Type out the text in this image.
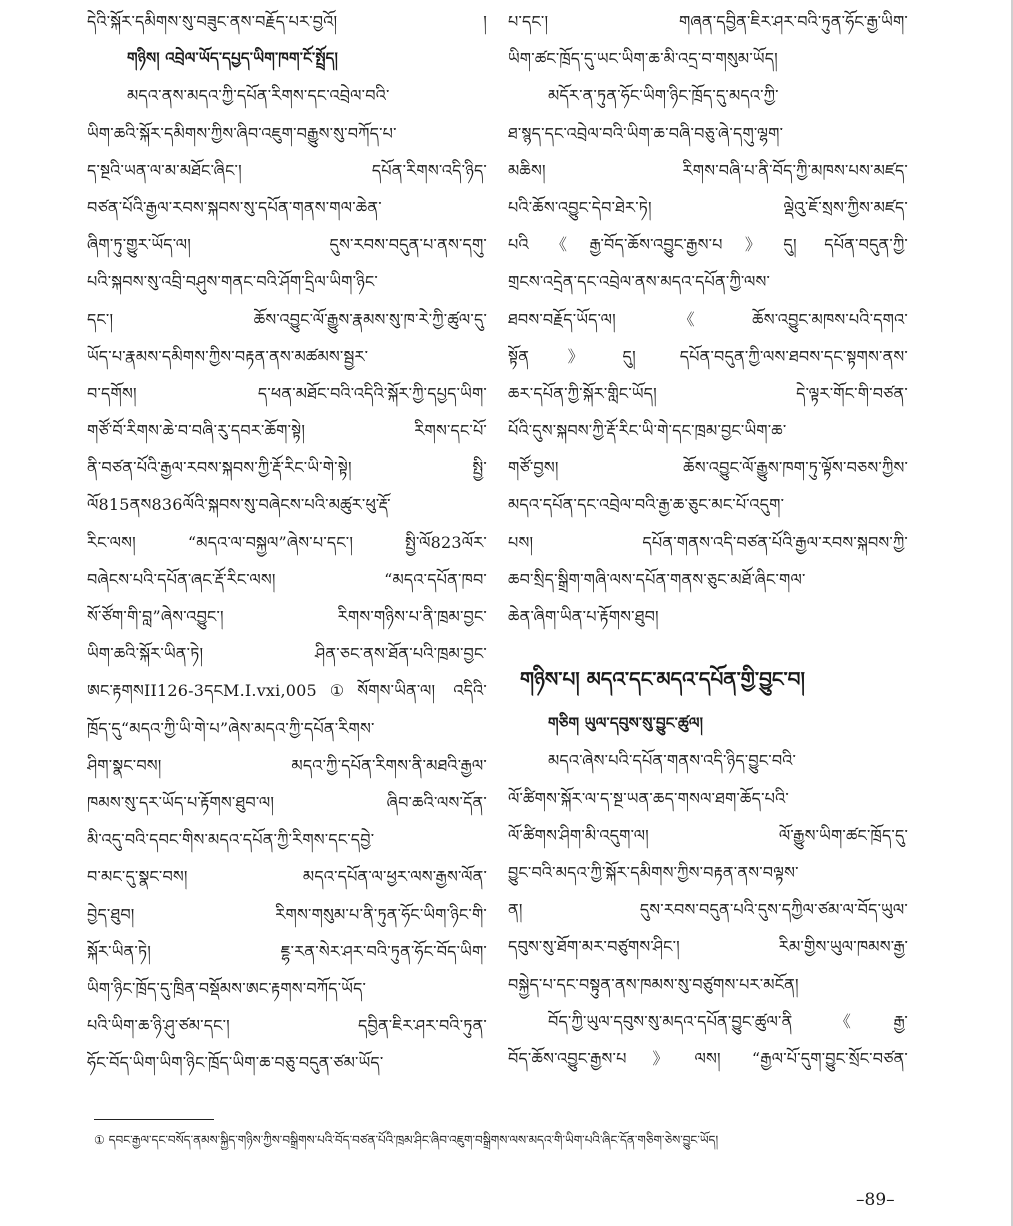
དེའི་སྐོར་དམིགས་སུ་བཟུང་ནས་བརྗོད་པར་བྱའོ། །
གཉིས། འབྲེལ་ཡོད་དཔྱད་ཡིག་ཁག་ངོ་སྤྲོད།
མདའ་ནས་མདའ་ཀྱི་དཔོན་རིགས་དང་འབྲེལ་བའི་
ཡིག་ཆའི་སྐོར་དམིགས་ཀྱིས་ཞིབ་འཇུག་བརྒྱུས་སུ་བཀོད་པ་
ད་སྔའི་ཡན་ལ་མ་མཐོང་ཞིང་། དཔོན་རིགས་འདི་ཉིད་
བཙན་པོའི་རྒྱལ་རབས་སྐབས་སུ་དཔོན་གནས་གལ་ཆེན་
ཞིག་ཏུ་གྱུར་ཡོད་ལ། དུས་རབས་བདུན་པ་ནས་དགུ་
པའི་སྐབས་སུ་འབྲི་བཤུས་གནང་བའི་ཤོག་དྲིལ་ཡིག་ཉིང་
དང་། ཆོས་འབྱུང་ལོ་རྒྱུས་རྣམས་སུ་ཁ་རེ་ཀྱི་ཚུལ་དུ་
ཡོད་པ་རྣམས་དམིགས་ཀྱིས་བརྟན་ནས་མཚམས་སྦྱར་
བ་དགོས། ད་ཕན་མཐོང་བའི་འདིའི་སྐོར་ཀྱི་དཔྱད་ཡིག་
གཙོ་བོ་རིགས་ཆེ་བ་བཞི་རུ་དབར་ཆོག་སྟེ། རིགས་དང་པོ་
ནི་བཙན་པོའི་རྒྱལ་རབས་སྐབས་ཀྱི་རྡོ་རིང་ཡི་གེ་སྟེ། སྤྱི་
ལོ815ནས836ལོའི་སྐབས་སུ་བཞེངས་པའི་མཚུར་ཕུ་རྡོ་
རིང་ལས། “མདའ་ལ་བསྐྱལ”ཞེས་པ་དང་། སྤྱི་ལོ823ལོར་
བཞེངས་པའི་དཔོན་ཞང་རྡོ་རིང་ལས། “མདའ་དཔོན་ཁབ་
སོ་ཙོག་གི་བླ”ཞེས་འབྱུང་། རིགས་གཉིས་པ་ནི་ཁྲམ་བྱང་
ཡིག་ཆའི་སྐོར་ཡིན་ཏེ། ཤིན་ཅང་ནས་ཐོན་པའི་ཁྲམ་བྱང་
ཨང་རྟགསII126-3དངM.I.vxi,005①སོགས་ཡིན་ལ། འདིའི་
ཁྲོད་དུ“མདའ་ཀྱི་ཡི་གེ་པ”ཞེས་མདའ་ཀྱི་དཔོན་རིགས་
ཤིག་སྣང་བས། མདའ་ཀྱི་དཔོན་རིགས་ནི་མཐའི་རྒྱལ་
ཁམས་སུ་དར་ཡོད་པ་རྟོགས་ཐུབ་ལ། ཞིབ་ཆའི་ལས་དོན་
མི་འདུ་བའི་དབང་གིས་མདའ་དཔོན་ཀྱི་རིགས་དང་དབྱེ་
བ་མང་དུ་སྣང་བས། མདའ་དཔོན་ལ་ཕྱར་ལས་རྒྱས་ལོན་
བྱེད་ཐུབ། རིགས་གསུམ་པ་ནི་ཏུན་ཧོང་ཡིག་ཉིང་གི་
སྐོར་ཡིན་ཏེ། ཇྷ་རན་སེར་ཤར་བའི་ཏུན་ཧོང་བོད་ཡིག་
ཡིག་ཉིང་ཁྲོད་དུ་ཁྲིན་བསྡོམས་ཨང་རྟགས་བཀོད་ཡོད་
པའི་ཡིག་ཆ་ཉི་ཤུ་ཙམ་དང་། དབྱིན་ཇིར་ཤར་བའི་ཏུན་
ཧོང་བོད་ཡིག་ཡིག་ཉིང་ཁྲོད་ཡིག་ཆ་བཅུ་བདུན་ཙམ་ཡོད་
པ་དང་། གཞན་དབྱིན་ཇིར་ཤར་བའི་ཏུན་ཧོང་རྒྱ་ཡིག་
ཡིག་ཚང་ཁྲོད་དུ་ཡང་ཡིག་ཆ་མི་འདྲ་བ་གསུམ་ཡོད།
མདོར་ན་ཏུན་ཧོང་ཡིག་ཉིང་ཁྲོད་དུ་མདའ་ཀྱི་
ཐ་སྙད་དང་འབྲེལ་བའི་ཡིག་ཆ་བཞི་བཅུ་ཞེ་དགུ་ལྷག་
མཆིས། རིགས་བཞི་པ་ནི་བོད་ཀྱི་མཁས་པས་མཛད་
པའི་ཆོས་འབྱུང་དེབ་ཐེར་ཏེ། ལྡེའུ་ཇོ་སྲས་ཀྱིས་མཛད་
པའི《རྒྱ་བོད་ཆོས་འབྱུང་རྒྱས་པ》དུ། དཔོན་བདུན་ཀྱི་
གྲངས་འདྲེན་དང་འབྲེལ་ནས་མདའ་དཔོན་ཀྱི་ལས་
ཐབས་བརྗོད་ཡོད་ལ། 《ཆོས་འབྱུང་མཁས་པའི་དགའ་
སྟོན》དུ། དཔོན་བདུན་ཀྱི་ལས་ཐབས་དང་སྟགས་ནས་
ཆར་དཔོན་ཀྱི་སྐོར་གླིང་ཡོད། དེ་ལྟར་གོང་གི་བཙན་
པོའི་དུས་སྐབས་ཀྱི་རྡོ་རིང་ཡི་གེ་དང་ཁྲམ་བྱང་ཡིག་ཆ་
གཙོ་བྱས། ཆོས་འབྱུང་ལོ་རྒྱུས་ཁག་ཏུ་ལྟོས་བཅས་ཀྱིས་
མདའ་དཔོན་དང་འབྲེལ་བའི་རྒྱ་ཆ་ཅུང་མང་པོ་འདུག་
པས། དཔོན་གནས་འདི་བཙན་པོའི་རྒྱལ་རབས་སྐབས་ཀྱི་
ཆབ་སྲིད་སྒྲིག་གཞི་ལས་དཔོན་གནས་ཅུང་མཐོ་ཞིང་གལ་
ཆེན་ཞིག་ཡིན་པ་རྟོགས་ཐུབ།
གཉིས་པ། མདའ་དང་མདའ་དཔོན་གྱི་བྱུང་བ།
གཅིག ཡུལ་དབུས་སུ་བྱུང་ཚུལ།
མདའ་ཞེས་པའི་དཔོན་གནས་འདི་ཉིད་བྱུང་བའི་
ལོ་ཚིགས་སྐོར་ལ་ད་སྔ་ཡན་ཆད་གསལ་ཐག་ཆོད་པའི་
ལོ་ཚིགས་ཤིག་མི་འདུག་ལ། ལོ་རྒྱུས་ཡིག་ཚང་ཁྲོད་དུ་
བྱུང་བའི་མདའ་ཀྱི་སྐོར་དམིགས་ཀྱིས་བརྟན་ནས་བལྟས་
ན། དུས་རབས་བདུན་པའི་དུས་དཀྱིལ་ཙམ་ལ་བོད་ཡུལ་
དབུས་སུ་ཐོག་མར་བཙུགས་ཤིང་། རིམ་གྱིས་ཡུལ་ཁམས་རྒྱ་
བསྐྱེད་པ་དང་བསྟུན་ནས་ཁམས་སུ་བཙུགས་པར་མངོན།
བོད་ཀྱི་ཡུལ་དབུས་སུ་མདའ་དཔོན་བྱུང་ཚུལ་ནི《རྒྱ་
བོད་ཆོས་འབྱུང་རྒྱས་པ》ལས། “རྒྱལ་པོ་དུག་བྱུང་སྲོང་བཙན་
① དབང་རྒྱལ་དང་བསོད་ནམས་སྐྱིད་གཉིས་ཀྱིས་བསྒྲིགས་པའི་བོད་བཙན་པོའི་ཁྲམ་ཤིང་ཞིབ་འཇུག་བསྒྲིགས་ལས་མདའ་གི་ཡིག་པའི་ཞིང་དོན་གཅིག་ཅེས་བྱུང་ཡོད།
–89–
